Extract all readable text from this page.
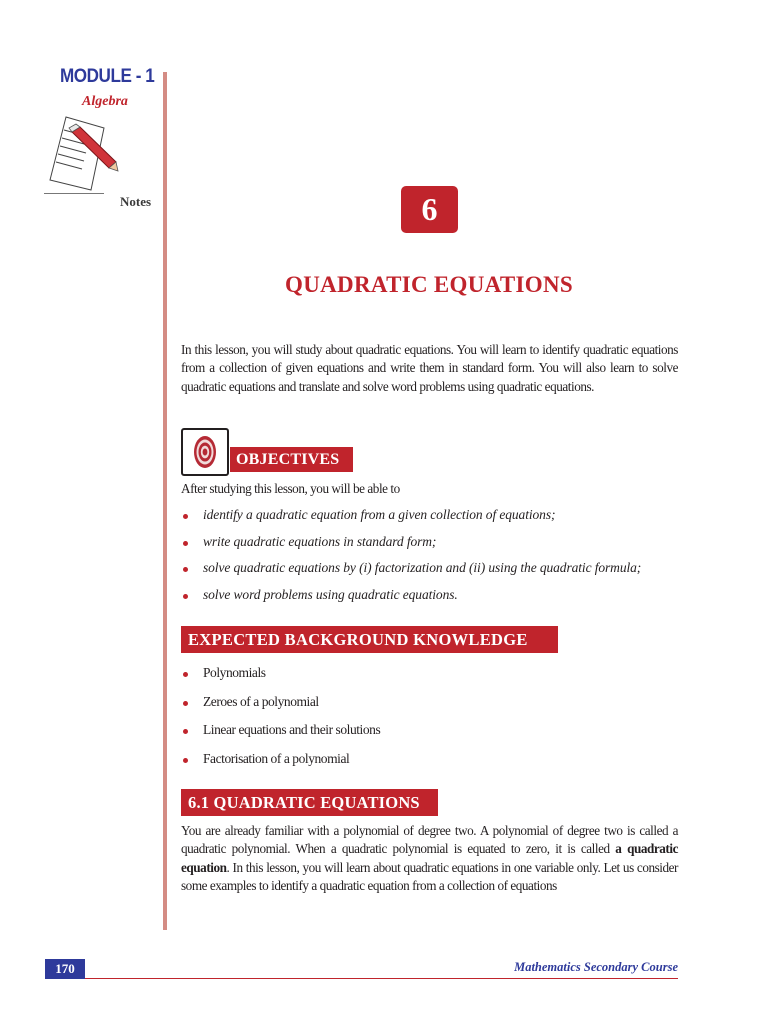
MODULE - 1
Algebra
Notes	6
QUADRATIC EQUATIONS
In this lesson, you will study about quadratic equations. You will learn to identify quadratic equations from a collection of given equations and write them in standard form. You will also learn to solve quadratic equations and translate and solve word problems using quadratic equations.
OBJECTIVES
After studying this lesson, you will be able to
identify a quadratic equation from a given collection of equations;
write quadratic equations in standard form;
solve quadratic equations by (i) factorization and (ii) using the quadratic formula;
solve word problems using quadratic equations.
EXPECTED BACKGROUND KNOWLEDGE
Polynomials
Zeroes of a polynomial
Linear equations and their solutions
Factorisation of a polynomial
6.1 QUADRATIC EQUATIONS
You are already familiar with a polynomial of degree two. A polynomial of degree two is called a quadratic polynomial. When a quadratic polynomial is equated to zero, it is called a quadratic equation. In this lesson, you will learn about quadratic equations in one variable only. Let us consider some examples to identify a quadratic equation from a collection of equations
170	Mathematics Secondary Course
